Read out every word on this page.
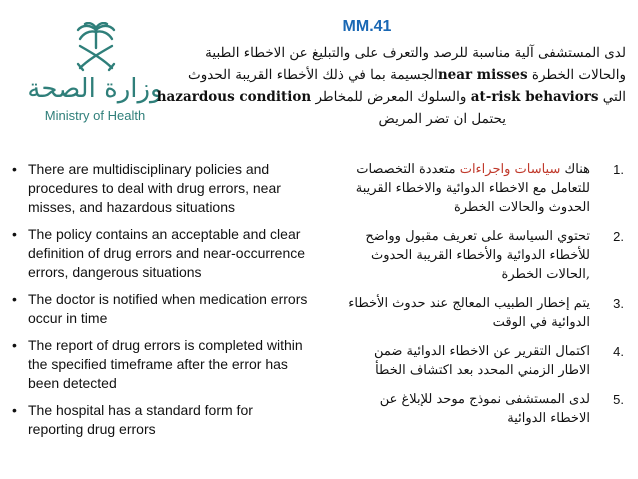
وزارة الصحة
Ministry of Health
MM.41

لدى المستشفى آلية مناسبة للرصد والتعرف على والتبليغ عن الاخطاء الطبية

والحالات الخطرة near missesالجسيمة بما في ذلك الأخطاء القريبة الحدوث

التي at-risk behaviors والسلوك المعرض للمخاطر hazardous condition

يحتمل ان تضر المريض

• There are multidisciplinary policies and procedures to deal with drug errors, near misses, and hazardous situations
• The policy contains an acceptable and clear definition of drug errors and near-occurrence errors, dangerous situations
• The doctor is notified when medication errors occur in time
• The report of drug errors is completed within the specified timeframe after the error has been detected
• The hospital has a standard form for reporting drug errors
هناك سياسات واجراءات متعددة التخصصات للتعامل مع الاخطاء الدوائية والاخطاء القريبة الحدوث والحالات الخطرة
1.
تحتوي السياسة على تعريف مقبول وواضح للأخطاء الدوائية والأخطاء القريبة الحدوث ,الحالات الخطرة
2.
يتم إخطار الطبيب المعالج عند حدوث الأخطاء الدوائية في الوقت
3.
اكتمال التقرير عن الاخطاء الدوائية ضمن الاطار الزمني المحدد بعد اكتشاف الخطأ
4.
لدى المستشفى نموذج موحد للإبلاغ عن الاخطاء الدوائية
5.
